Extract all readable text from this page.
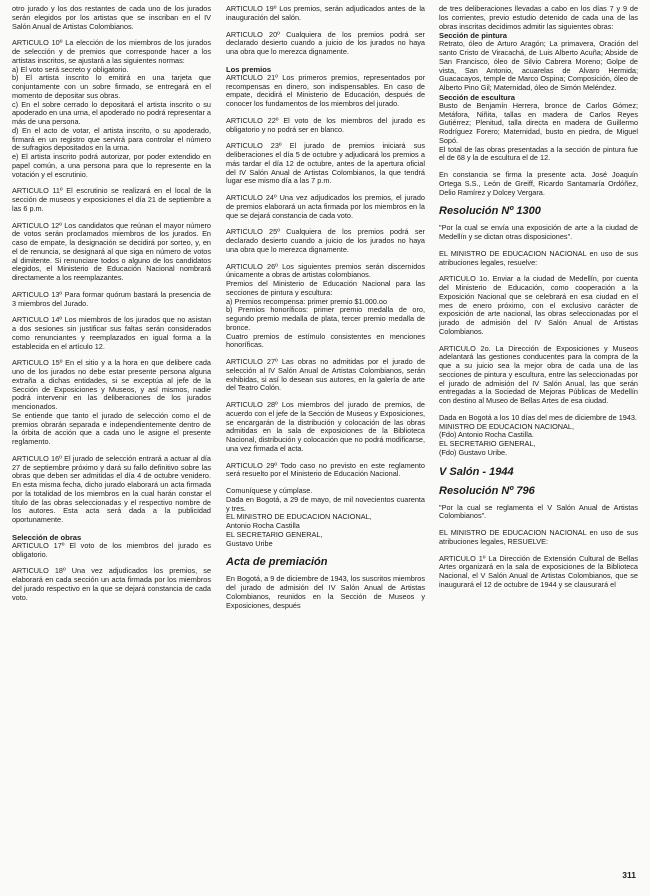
otro jurado y los dos restantes de cada uno de los jurados serán elegidos por los artistas que se inscriban en el IV Salón Anual de Artistas Colombianos.

ARTICULO 10º La elección de los miembros de los jurados de selección y de premios que corresponde hacer a los artistas inscritos, se ajustará a las siguientes normas:

a) El voto será secreto y obligatorio.

b) El artista inscrito lo emitirá en una tarjeta que conjuntamente con un sobre firmado, se entregará en el momento de depositar sus obras.

c) En el sobre cerrado lo depositará el artista inscrito o su apoderado en una urna, el apoderado no podrá representar a más de una persona.

d) En el acto de votar, el artista inscrito, o su apoderado, firmará en un registro que servirá para controlar el número de sufragios depositados en la urna.

e) El artista inscrito podrá autorizar, por poder extendido en papel común, a una persona para que lo represente en la votación y el escrutinio.

ARTICULO 11º El escrutinio se realizará en el local de la sección de museos y exposiciones el día 21 de septiembre a las 6 p.m.

ARTICULO 12º Los candidatos que reúnan el mayor número de votos serán proclamados miembros de los jurados. En caso de empate, la designación se decidirá por sorteo, y, en el de renuncia, se designará al que siga en número de votos al dimitente. Si renunciare todos o alguno de los candidatos elegidos, el Ministerio de Educación Nacional nombrará directamente a los reemplazantes.

ARTICULO 13º Para formar quórum bastará la presencia de 3 miembros del Jurado.

ARTICULO 14º Los miembros de los jurados que no asistan a dos sesiones sin justificar sus faltas serán considerados como renunciantes y reemplazados en igual forma a la establecida en el artículo 12.

ARTICULO 15º En el sitio y a la hora en que delibere cada uno de los jurados no debe estar presente persona alguna extraña a dichas entidades, si se exceptúa al jefe de la Sección de Exposiciones y Museos, y así mismos, nadie podrá intervenir en las deliberaciones de los jurados mencionados.

Se entiende que tanto el jurado de selección como el de premios obrarán separada e independientemente dentro de la órbita de acción que a cada uno le asigne el presente reglamento.

ARTICULO 16º El jurado de selección entrará a actuar al día 27 de septiembre próximo y dará su fallo definitivo sobre las obras que deben ser admitidas el día 4 de octubre venidero. En esta misma fecha, dicho jurado elaborará un acta firmada por la totalidad de los miembros en la cual harán constar el título de las obras seleccionadas y el respectivo nombre de los autores. Esta acta será dada a la publicidad oportunamente.

Selección de obras

ARTICULO 17º El voto de los miembros del jurado es obligatorio.

ARTICULO 18º Una vez adjudicados los premios, se elaborará en cada sección un acta firmada por los miembros del jurado respectivo en la que se dejará constancia de cada voto.

ARTICULO 19º Los premios, serán adjudicados antes de la inauguración del salón.

ARTICULO 20º Cualquiera de los premios podrá ser declarado desierto cuando a juicio de los jurados no haya una obra que lo merezca dignamente.

Los premios

ARTICULO 21º Los primeros premios, representados por recompensas en dinero, son indispensables. En caso de empate, decidirá el Ministerio de Educación, después de conocer los fundamentos de los miembros del jurado.

ARTICULO 22º El voto de los miembros del jurado es obligatorio y no podrá ser en blanco.

ARTICULO 23º El jurado de premios iniciará sus deliberaciones el día 5 de octubre y adjudicará los premios a más tardar el día 12 de octubre, antes de la apertura oficial del IV Salón Anual de Artistas Colombianos, la que tendrá lugar ese mismo día a las 7 p.m.

ARTICULO 24º Una vez adjudicados los premios, el jurado de premios elaborará un acta firmada por los miembros en la que se dejará constancia de cada voto.

ARTICULO 25º Cualquiera de los premios podrá ser declarado desierto cuando a juicio de los jurados no haya una obra que lo merezca dignamente.

ARTICULO 26º Los siguientes premios serán discernidos únicamente a obras de artistas colombianos.

Premios del Ministerio de Educación Nacional para las secciones de pintura y escultura:

a) Premios recompensa: primer premio $1.000.oo

b) Premios honoríficos: primer premio medalla de oro, segundo premio medalla de plata, tercer premio medalla de bronce.

Cuatro premios de estímulo consistentes en menciones honoríficas.

ARTICULO 27º Las obras no admitidas por el jurado de selección al IV Salón Anual de Artistas Colombianos, serán exhibidas, si así lo desean sus autores, en la galería de arte del Teatro Colón.

ARTICULO 28º Los miembros del jurado de premios, de acuerdo con el jefe de la Sección de Museos y Exposiciones, se encargarán de la distribución y colocación de las obras admitidas en la sala de exposiciones de la Biblioteca Nacional, distribución y colocación que no podrá modificarse, una vez firmada el acta.

ARTICULO 29º Todo caso no previsto en este reglamento será resuelto por el Ministerio de Educación Nacional.

Comuníquese y cúmplase.

Dada en Bogotá, a 29 de mayo, de mil novecientos cuarenta y tres.

EL MINISTRO DE EDUCACION NACIONAL,

Antonio Rocha Castilla

EL SECRETARIO GENERAL,

Gustavo Uribe

Acta de premiación

En Bogotá, a 9 de diciembre de 1943, los suscritos miembros del jurado de admisión del IV Salón Anual de Artistas Colombianos, reunidos en la Sección de Museos y Exposiciones, después

de tres deliberaciones llevadas a cabo en los días 7 y 9 de los corrientes, previo estudio detenido de cada una de las obras inscritas decidimos admitir las siguientes obras:

Sección de pintura

Retrato, óleo de Arturo Aragón; La primavera, Oración del santo Cristo de Viracachá, de Luis Alberto Acuña; Abside de San Francisco, óleo de Silvio Cabrera Moreno; Golpe de vista, San Antonio, acuarelas de Alvaro Hermida; Guacacayos, temple de Marco Ospina; Composición, óleo de Alberto Pino Gil; Maternidad, óleo de Simón Meléndez.

Sección de escultura

Busto de Benjamín Herrera, bronce de Carlos Gómez; Metáfora, Niñita, tallas en madera de Carlos Reyes Gutiérrez; Plenitud, talla directa en madera de Guillermo Rodríguez Forero; Maternidad, busto en piedra, de Miguel Sopó.

El total de las obras presentadas a la sección de pintura fue el de 68 y la de escultura el de 12.

En constancia se firma la presente acta. José Joaquín Ortega S.S., León de Greiff, Ricardo Santamaría Ordóñez, Delio Ramírez y Dolcey Vergara.

Resolución Nº 1300

"Por la cual se envía una exposición de arte a la ciudad de Medellín y se dictan otras disposiciones".

EL MINISTRO DE EDUCACION NACIONAL en uso de sus atribuciones legales, resuelve:

ARTICULO 1o. Enviar a la ciudad de Medellín, por cuenta del Ministerio de Educación, como cooperación a la Exposición Nacional que se celebrará en esa ciudad en el mes de enero próximo, con el exclusivo carácter de exposición de arte nacional, las obras seleccionadas por el jurado de admisión del IV Salón Anual de Artistas Colombianos.

ARTICULO 2o. La Dirección de Exposiciones y Museos adelantará las gestiones conducentes para la compra de la que a su juicio sea la mejor obra de cada una de las secciones de pintura y escultura, entre las seleccionadas por el jurado de admisión del IV Salón Anual, las que serán entregadas a la Sociedad de Mejoras Públicas de Medellín con destino al Museo de Bellas Artes de esa ciudad.

Dada en Bogotá a los 10 días del mes de diciembre de 1943.

MINISTRO DE EDUCACION NACIONAL,

(Fdo) Antonio Rocha Castilla.

EL SECRETARIO GENERAL,

(Fdo) Gustavo Uribe.

V Salón - 1944
Resolución Nº 796

"Por la cual se reglamenta el V Salón Anual de Artistas Colombianos".

EL MINISTRO DE EDUCACION NACIONAL en uso de sus atribuciones legales, RESUELVE:

ARTICULO 1º La Dirección de Extensión Cultural de Bellas Artes organizará en la sala de exposiciones de la Biblioteca Nacional, el V Salón Anual de Artistas Colombianos, que se inaugurará el 12 de octubre de 1944 y se clausurará el

311
